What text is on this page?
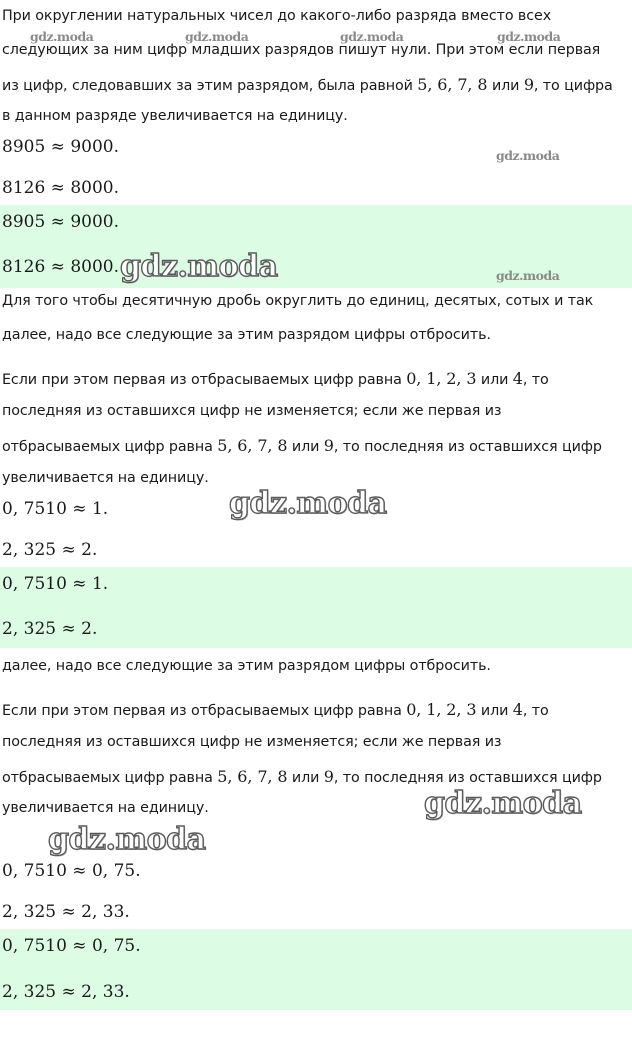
При округлении натуральных чисел до какого-либо разряда вместо всех

следующих за ним цифр младших разрядов пишут нули. При этом если первая

из цифр, следовавших за этим разрядом, была равной 5, 6, 7, 8 или 9, то цифра

в данном разряде увеличивается на единицу.

8905 ≈ 9000.

8126 ≈ 8000.

8905 ≈ 9000.

8126 ≈ 8000.

Для того чтобы десятичную дробь округлить до единиц, десятых, сотых и так

далее, надо все следующие за этим разрядом цифры отбросить.

Если при этом первая из отбрасываемых цифр равна 0, 1, 2, 3 или 4, то

последняя из оставшихся цифр не изменяется; если же первая из

отбрасываемых цифр равна 5, 6, 7, 8 или 9, то последняя из оставшихся цифр

увеличивается на единицу.

0, 7510 ≈ 1.

2, 325 ≈ 2.

0, 7510 ≈ 1.

2, 325 ≈ 2.

далее, надо все следующие за этим разрядом цифры отбросить.

Если при этом первая из отбрасываемых цифр равна 0, 1, 2, 3 или 4, то

последняя из оставшихся цифр не изменяется; если же первая из

отбрасываемых цифр равна 5, 6, 7, 8 или 9, то последняя из оставшихся цифр

увеличивается на единицу.

0, 7510 ≈ 0, 75.

2, 325 ≈ 2, 33.

0, 7510 ≈ 0, 75.

2, 325 ≈ 2, 33.

gdz.moda	gdz.moda	gdz.moda	gdz.moda
gdz.moda
gdz.moda
gdz.moda
gdz.moda
gdz.moda
gdz.moda
